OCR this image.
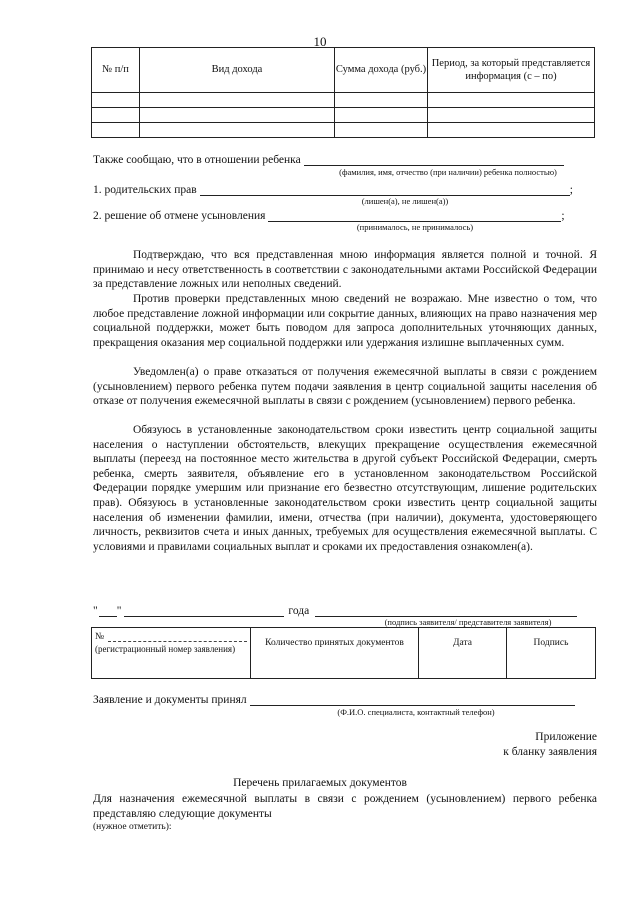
10
№ п/п	Вид дохода	Сумма дохода (руб.)	Период, за который представляется информация (с – по)

Также сообщаю, что в отношении ребенка
(фамилия, имя, отчество (при наличии) ребенка полностью)
1. родительских прав	;
(лишен(а), не лишен(а))
2. решение об отмене усыновления	;
(принималось, не принималось)

Подтверждаю, что вся представленная мною информация является полной и точной. Я принимаю и несу ответственность в соответствии с законодательными актами Российской Федерации за представление ложных или неполных сведений.

Против проверки представленных мною сведений не возражаю. Мне известно о том, что любое представление ложной информации или сокрытие данных, влияющих на право назначения мер социальной поддержки, может быть поводом для запроса дополнительных уточняющих данных, прекращения оказания мер социальной поддержки или удержания излишне выплаченных сумм.

Уведомлен(а) о праве отказаться от получения ежемесячной выплаты в связи с рождением (усыновлением) первого ребенка путем подачи заявления в центр социальной защиты населения об отказе от получения ежемесячной выплаты в связи с рождением (усыновлением) первого ребенка.

Обязуюсь в установленные законодательством сроки известить центр социальной защиты населения о наступлении обстоятельств, влекущих прекращение осуществления ежемесячной выплаты (переезд на постоянное место жительства в другой субъект Российской Федерации, смерть ребенка, смерть заявителя, объявление его в установленном законодательством Российской Федерации порядке умершим или признание его безвестно отсутствующим, лишение родительских прав). Обязуюсь в установленные законодательством сроки известить центр социальной защиты населения об изменении фамилии, имени, отчества (при наличии), документа, удостоверяющего личность, реквизитов счета и иных данных, требуемых для осуществления ежемесячной выплаты. С условиями и правилами социальных выплат и сроками их предоставления ознакомлен(а).

" "	года
(подпись заявителя/ представителя заявителя)
№
(регистрационный номер заявления)
	Количество принятых документов	Дата	Подпись
Заявление и документы принял
(Ф.И.О. специалиста, контактный телефон)
Приложение
к бланку заявления
Перечень прилагаемых документов

Для назначения ежемесячной выплаты в связи с рождением (усыновлением) первого ребенка представляю следующие документы

(нужное отметить):
